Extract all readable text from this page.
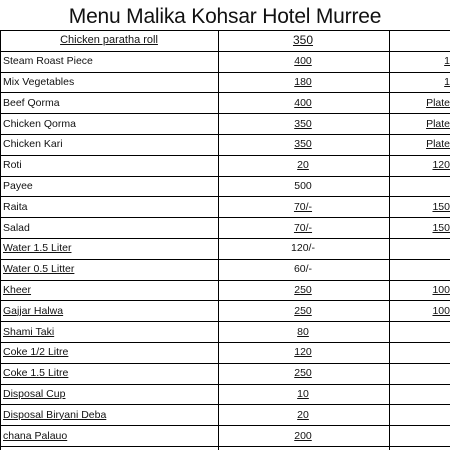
Menu Malika Kohsar Hotel Murree
Chicken paratha roll	350
Steam Roast Piece	400	1
Mix Vegetables	180	1
Beef Qorma	400	Plate
Chicken Qorma	350	Plate
Chicken Kari	350	Plate
Roti	20	120
Payee	500
Raita	70/-	150
Salad	70/-	150
Water 1.5 Liter	120/-
Water 0.5 Litter	60/-
Kheer	250	100
Gajjar Halwa	250	100
Shami Taki	80
Coke 1/2 Litre	120
Coke 1.5 Litre	250
Disposal Cup	10
Disposal Biryani Deba	20
chana Palauo	200
